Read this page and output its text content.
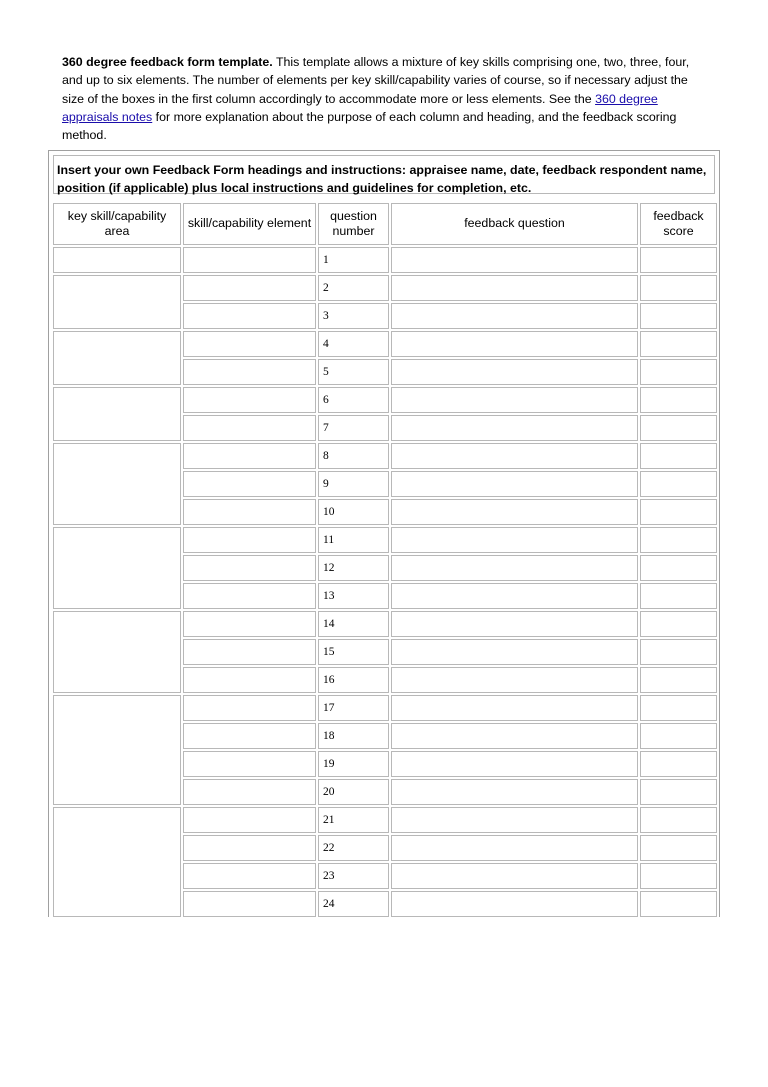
360 degree feedback form template. This template allows a mixture of key skills comprising one, two, three, four, and up to six elements. The number of elements per key skill/capability varies of course, so if necessary adjust the size of the boxes in the first column accordingly to accommodate more or less elements. See the 360 degree appraisals notes for more explanation about the purpose of each column and heading, and the feedback scoring method.
Insert your own Feedback Form headings and instructions: appraisee name, date, feedback respondent name, position (if applicable) plus local instructions and guidelines for completion, etc.
key skill/capability area
skill/capability element
question number
feedback question
feedback score
1
2
3
4
5
6
7
8
9
10
11
12
13
14
15
16
17
18
19
20
21
22
23
24
